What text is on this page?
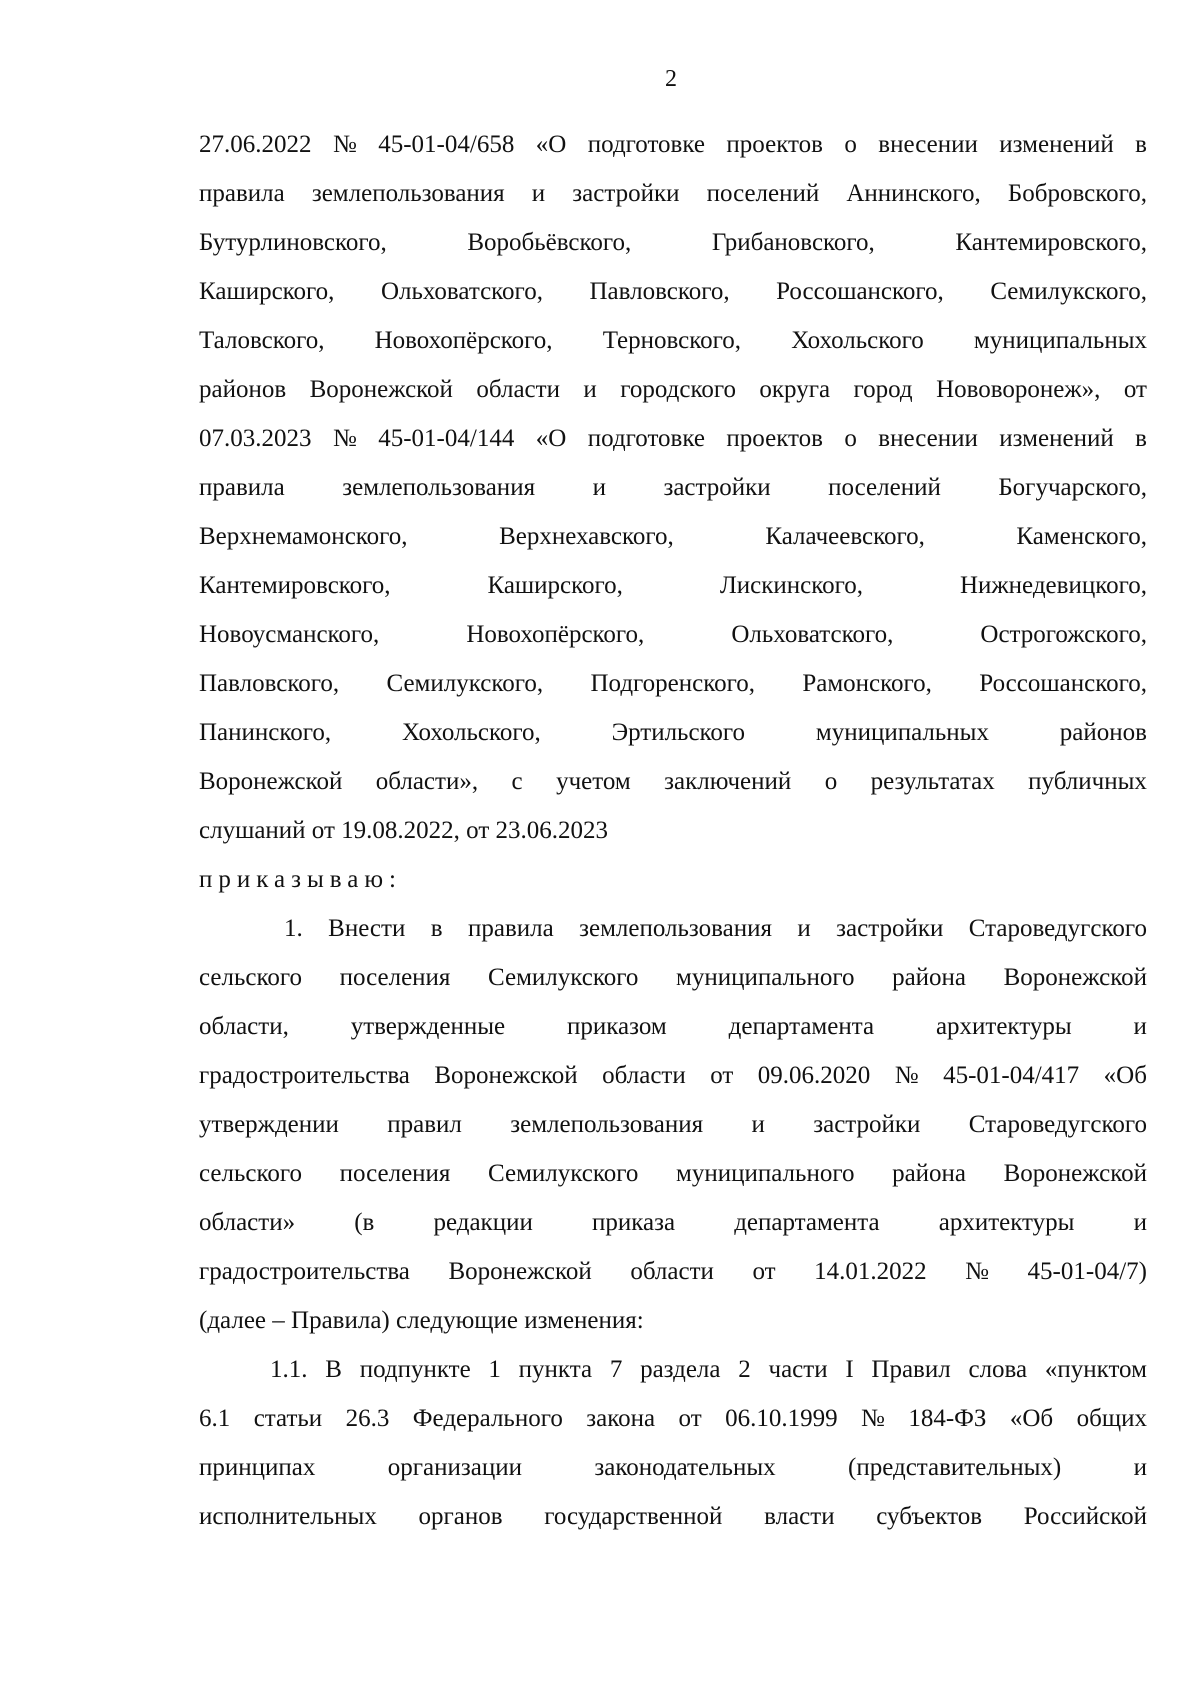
2
27.06.2022 № 45-01-04/658 «О подготовке проектов о внесении изменений в
правила землепользования и застройки поселений Аннинского, Бобровского,
Бутурлиновского,	Воробьёвского,	Грибановского,	Кантемировского,
Каширского, Ольховатского, Павловского, Россошанского, Семилукского,
Таловского, Новохопёрского, Терновского, Хохольского муниципальных
районов Воронежской области и городского округа город Нововоронеж», от
07.03.2023 № 45-01-04/144 «О подготовке проектов о внесении изменений в
правила землепользования и застройки поселений Богучарского,
Верхнемамонского,	Верхнехавского,	Калачеевского,	Каменского,
Кантемировского,	Каширского,	Лискинского,	Нижнедевицкого,
Новоусманского,	Новохопёрского,	Ольховатского,	Острогожского,
Павловского, Семилукского, Подгоренского, Рамонского, Россошанского,
Панинского,	Хохольского,	Эртильского	муниципальных	районов
Воронежской области», с учетом заключений о результатах публичных
слушаний от 19.08.2022, от 23.06.2023
приказываю:
1. Внести в правила землепользования и застройки Староведугского
сельского поселения Семилукского муниципального района Воронежской
области, утвержденные приказом департамента архитектуры и
градостроительства Воронежской области от 09.06.2020 № 45-01-04/417 «Об
утверждении правил землепользования и застройки Староведугского
сельского поселения Семилукского муниципального района Воронежской
области» (в редакции приказа департамента архитектуры и
градостроительства Воронежской области от 14.01.2022 № 45-01-04/7)
(далее – Правила) следующие изменения:
1.1. В подпункте 1 пункта 7 раздела 2 части I Правил слова «пунктом
6.1 статьи 26.3 Федерального закона от 06.10.1999 № 184-ФЗ «Об общих
принципах	организации	законодательных	(представительных)	и
исполнительных органов государственной власти субъектов Российской
